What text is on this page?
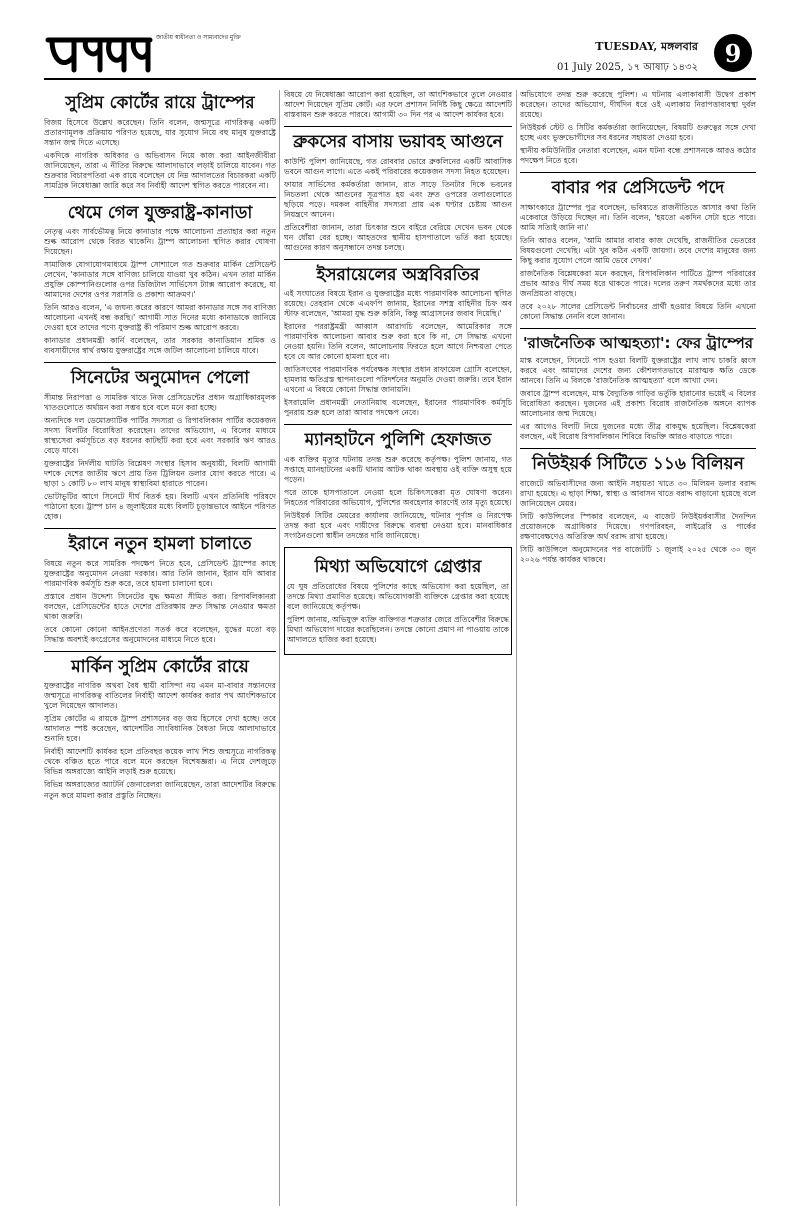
জাতীয় স্বাধীনতা ও সাম্যবাদের মুক্তি
TUESDAY, মঙ্গলবার
01 July 2025, ১৭ আষাঢ় ১৪৩২	9
সুপ্রিম কোর্টের রায়ে ট্রাম্পের

বিজয় হিসেবে উল্লেখ করেছেন। তিনি বলেন, জন্মসূত্রে নাগরিকত্ব একটি প্রতারণামূলক প্রক্রিয়ায় পরিণত হয়েছে, যার সুযোগ নিয়ে বহু মানুষ যুক্তরাষ্ট্রে সন্তান জন্ম দিতে এসেছে।

একদিকে নাগরিক অধিকার ও অভিবাসন নিয়ে কাজ করা আইনজীবীরা জানিয়েছেন, তারা এ নীতির বিরুদ্ধে আলাদাভাবে লড়াই চালিয়ে যাবেন। গত শুক্রবার বিচারপতিরা এক রায়ে বলেছেন যে নিম্ন আদালতের বিচারকরা একটি সামগ্রিক নিষেধাজ্ঞা জারি করে সব নির্বাহী আদেশ স্থগিত করতে পারবেন না।

থেমে গেল যুক্তরাষ্ট্র-কানাডা

নেতৃত্ব এবং সার্বভৌমত্ব নিয়ে কানাডার পক্ষে আলোচনা প্রত্যাহার করা নতুন শুল্ক আরোপ থেকে বিরত থাকেনি। ট্রাম্প আলোচনা স্থগিত করার ঘোষণা দিয়েছেন।

সামাজিক যোগাযোগমাধ্যমে ট্রাম্প সোশ্যালে গত শুক্রবার মার্কিন প্রেসিডেন্ট লেখেন, 'কানাডার সঙ্গে বাণিজ্য চালিয়ে যাওয়া খুব কঠিন। এখন তারা মার্কিন প্রযুক্তি কোম্পানিগুলোর ওপর ডিজিটাল সার্ভিসেস ট্যাক্স আরোপ করেছে, যা আমাদের দেশের ওপর সরাসরি ও প্রকাশ্য আক্রমণ।'

তিনি আরও বলেন, 'এ জঘন্য করের কারণে আমরা কানাডার সঙ্গে সব বাণিজ্য আলোচনা এখনই বন্ধ করছি।' আগামী সাত দিনের মধ্যে কানাডাকে জানিয়ে দেওয়া হবে তাদের পণ্যে যুক্তরাষ্ট্র কী পরিমাণ শুল্ক আরোপ করবে।

কানাডার প্রধানমন্ত্রী কার্নি বলেছেন, তার সরকার কানাডিয়ান শ্রমিক ও ব্যবসায়ীদের স্বার্থ রক্ষায় যুক্তরাষ্ট্রের সঙ্গে জটিল আলোচনা চালিয়ে যাবে।

সিনেটের অনুমোদন পেলো

সীমান্ত নিরাপত্তা ও সামরিক খাতে নিজ প্রেসিডেন্টের প্রধান অগ্রাধিকারমূলক খাতগুলোতে অর্থায়ন করা সম্ভব হবে বলে মনে করা হচ্ছে।

অন্যদিকে দল ডেমোক্র্যাটিক পার্টির সদস্যরা ও রিপাবলিকান পার্টির কয়েকজন সদস্য বিলটির বিরোধিতা করেছেন। তাদের অভিযোগ, এ বিলের মাধ্যমে স্বাস্থ্যসেবা কর্মসূচিতে বড় ধরনের কাটছাঁট করা হবে এবং সরকারি ঋণ আরও বেড়ে যাবে।

যুক্তরাষ্ট্রের নির্দলীয় ঘাটতি বিশ্লেষণ সংস্থার হিসাব অনুযায়ী, বিলটি আগামী দশকে দেশের জাতীয় ঋণে প্রায় তিন ট্রিলিয়ন ডলার যোগ করতে পারে। এ ছাড়া ১ কোটি ৮০ লাখ মানুষ স্বাস্থ্যবিমা হারাতে পারেন।

ভোটাভুটির আগে সিনেটে দীর্ঘ বিতর্ক হয়। বিলটি এখন প্রতিনিধি পরিষদে পাঠানো হবে। ট্রাম্প চান ৪ জুলাইয়ের মধ্যে বিলটি চূড়ান্তভাবে আইনে পরিণত হোক।

ইরানে নতুন হামলা চালাতে

বিষয়ে নতুন করে সামরিক পদক্ষেপ নিতে হবে, প্রেসিডেন্ট ট্রাম্পের কাছে যুক্তরাষ্ট্রের অনুমোদন নেওয়া দরকার। আর তিনি জানান, ইরান যদি আবার পারমাণবিক কর্মসূচি শুরু করে, তবে হামলা চালানো হবে।

প্রস্তাবে প্রধান উদ্দেশ্য সিনেটের যুদ্ধ ক্ষমতা সীমিত করা। রিপাবলিকানরা বলছেন, প্রেসিডেন্টের হাতে দেশের প্রতিরক্ষায় দ্রুত সিদ্ধান্ত নেওয়ার ক্ষমতা থাকা জরুরি।

তবে কোনো কোনো আইনপ্রণেতা সতর্ক করে বলেছেন, যুদ্ধের মতো বড় সিদ্ধান্ত অবশ্যই কংগ্রেসের অনুমোদনের মাধ্যমে নিতে হবে।

মার্কিন সুপ্রিম কোর্টের রায়ে

যুক্তরাষ্ট্রের নাগরিক অথবা বৈধ স্থায়ী বাসিন্দা নয় এমন মা-বাবার সন্তানদের জন্মসূত্রে নাগরিকত্ব বাতিলের নির্বাহী আদেশ কার্যকর করার পথ আংশিকভাবে খুলে দিয়েছেন আদালত।

সুপ্রিম কোর্টের এ রায়কে ট্রাম্প প্রশাসনের বড় জয় হিসেবে দেখা হচ্ছে। তবে আদালত স্পষ্ট করেছেন, আদেশটির সাংবিধানিক বৈধতা নিয়ে আলাদাভাবে শুনানি হবে।

নির্বাহী আদেশটি কার্যকর হলে প্রতিবছর কয়েক লাখ শিশু জন্মসূত্রে নাগরিকত্ব থেকে বঞ্চিত হতে পারে বলে মনে করছেন বিশেষজ্ঞরা। এ নিয়ে দেশজুড়ে বিভিন্ন অঙ্গরাজ্যে আইনি লড়াই শুরু হয়েছে।

বিভিন্ন অঙ্গরাজ্যের অ্যাটর্নি জেনারেলরা জানিয়েছেন, তারা আদেশটির বিরুদ্ধে নতুন করে মামলা করার প্রস্তুতি নিচ্ছেন।

বিষয়ে যে নিষেধাজ্ঞা আরোপ করা হয়েছিল, তা আংশিকভাবে তুলে নেওয়ার আদেশ দিয়েছেন সুপ্রিম কোর্ট। এর ফলে প্রশাসন নির্দিষ্ট কিছু ক্ষেত্রে আদেশটি বাস্তবায়ন শুরু করতে পারবে। আগামী ৩০ দিন পর এ আদেশ কার্যকর হবে।

ব্রুকসের বাসায় ভয়াবহ আগুনে

কাউন্টি পুলিশ জানিয়েছে, গত রোববার ভোরে ব্রুকলিনের একটি আবাসিক ভবনে আগুন লাগে। এতে একই পরিবারের কয়েকজন সদস্য নিহত হয়েছেন।

ফায়ার সার্ভিসের কর্মকর্তারা জানান, রাত সাড়ে তিনটার দিকে ভবনের নিচতলা থেকে আগুনের সূত্রপাত হয় এবং দ্রুত ওপরের তলাগুলোতে ছড়িয়ে পড়ে। দমকল বাহিনীর সদস্যরা প্রায় এক ঘণ্টার চেষ্টায় আগুন নিয়ন্ত্রণে আনেন।

প্রতিবেশীরা জানান, তারা চিৎকার শুনে বাইরে বেরিয়ে দেখেন ভবন থেকে ঘন ধোঁয়া বের হচ্ছে। আহতদের স্থানীয় হাসপাতালে ভর্তি করা হয়েছে। আগুনের কারণ অনুসন্ধানে তদন্ত চলছে।

ইসরায়েলের অস্ত্রবিরতির

এই সংঘাতের বিষয়ে ইরান ও যুক্তরাষ্ট্রের মধ্যে পারমাণবিক আলোচনা স্থগিত রয়েছে। তেহরান থেকে এএফপি জানায়, ইরানের সশস্ত্র বাহিনীর চিফ অব স্টাফ বলেছেন, 'আমরা যুদ্ধ শুরু করিনি, কিন্তু আগ্রাসনের জবাব দিয়েছি।'

ইরানের পররাষ্ট্রমন্ত্রী আব্বাস আরাগচি বলেছেন, আমেরিকার সঙ্গে পারমাণবিক আলোচনা আবার শুরু করা হবে কি না, সে সিদ্ধান্ত এখনো নেওয়া হয়নি। তিনি বলেন, আলোচনায় ফিরতে হলে আগে নিশ্চয়তা পেতে হবে যে আর কোনো হামলা হবে না।

জাতিসংঘের পারমাণবিক পর্যবেক্ষক সংস্থার প্রধান রাফায়েল গ্রোসি বলেছেন, হামলায় ক্ষতিগ্রস্ত স্থাপনাগুলো পরিদর্শনের অনুমতি দেওয়া জরুরি। তবে ইরান এখনো এ বিষয়ে কোনো সিদ্ধান্ত জানায়নি।

ইসরায়েলি প্রধানমন্ত্রী নেতানিয়াহু বলেছেন, ইরানের পারমাণবিক কর্মসূচি পুনরায় শুরু হলে তারা আবার পদক্ষেপ নেবে।

ম্যানহাটনে পুলিশি হেফাজত

এক ব্যক্তির মৃত্যুর ঘটনায় তদন্ত শুরু করেছে কর্তৃপক্ষ। পুলিশ জানায়, গত সপ্তাহে ম্যানহাটনের একটি থানায় আটক থাকা অবস্থায় ওই ব্যক্তি অসুস্থ হয়ে পড়েন।

পরে তাকে হাসপাতালে নেওয়া হলে চিকিৎসকেরা মৃত ঘোষণা করেন। নিহতের পরিবারের অভিযোগ, পুলিশের অবহেলার কারণেই তার মৃত্যু হয়েছে।

নিউইয়র্ক সিটির মেয়রের কার্যালয় জানিয়েছে, ঘটনার পূর্ণাঙ্গ ও নিরপেক্ষ তদন্ত করা হবে এবং দায়ীদের বিরুদ্ধে ব্যবস্থা নেওয়া হবে। মানবাধিকার সংগঠনগুলো স্বাধীন তদন্তের দাবি জানিয়েছে।

মিথ্যা অভিযোগে গ্রেপ্তার

যে ঘুষ প্রতিরোধের বিষয়ে পুলিশের কাছে অভিযোগ করা হয়েছিল, তা তদন্তে মিথ্যা প্রমাণিত হয়েছে। অভিযোগকারী ব্যক্তিকে গ্রেপ্তার করা হয়েছে বলে জানিয়েছে কর্তৃপক্ষ।

পুলিশ জানায়, অভিযুক্ত ব্যক্তি ব্যক্তিগত শত্রুতার জেরে প্রতিবেশীর বিরুদ্ধে মিথ্যা অভিযোগ দায়ের করেছিলেন। তদন্তে কোনো প্রমাণ না পাওয়ায় তাকে আদালতে হাজির করা হয়েছে।

অভিযোগে তদন্ত শুরু করেছে পুলিশ। এ ঘটনায় এলাকাবাসী উদ্বেগ প্রকাশ করেছেন। তাদের অভিযোগ, দীর্ঘদিন ধরে ওই এলাকায় নিরাপত্তাব্যবস্থা দুর্বল রয়েছে।

নিউইয়র্ক স্টেট ও সিটির কর্মকর্তারা জানিয়েছেন, বিষয়টি গুরুত্বের সঙ্গে দেখা হচ্ছে এবং ভুক্তভোগীদের সব ধরনের সহায়তা দেওয়া হবে।

স্থানীয় কমিউনিটির নেতারা বলেছেন, এমন ঘটনা বন্ধে প্রশাসনকে আরও কঠোর পদক্ষেপ নিতে হবে।

বাবার পর প্রেসিডেন্ট পদে

সাক্ষাৎকারে ট্রাম্পের পুত্র বলেছেন, ভবিষ্যতে রাজনীতিতে আসার কথা তিনি একেবারে উড়িয়ে দিচ্ছেন না। তিনি বলেন, 'হয়তো একদিন সেটা হতে পারে। আমি সত্যিই জানি না।'

তিনি আরও বলেন, 'আমি আমার বাবার কাজ দেখেছি, রাজনীতির ভেতরের বিষয়গুলো দেখেছি। এটা খুব কঠিন একটি জায়গা। তবে দেশের মানুষের জন্য কিছু করার সুযোগ পেলে আমি ভেবে দেখব।'

রাজনৈতিক বিশ্লেষকেরা মনে করছেন, রিপাবলিকান পার্টিতে ট্রাম্প পরিবারের প্রভাব আরও দীর্ঘ সময় ধরে থাকতে পারে। দলের তরুণ সমর্থকদের মধ্যে তার জনপ্রিয়তা বাড়ছে।

তবে ২০২৮ সালের প্রেসিডেন্ট নির্বাচনের প্রার্থী হওয়ার বিষয়ে তিনি এখনো কোনো সিদ্ধান্ত নেননি বলে জানান।

'রাজনৈতিক আত্মহত্যা': ফের ট্রাম্পের

মাস্ক বলেছেন, সিনেটে পাস হওয়া বিলটি যুক্তরাষ্ট্রের লাখ লাখ চাকরি ধ্বংস করবে এবং আমাদের দেশের জন্য কৌশলগতভাবে মারাত্মক ক্ষতি ডেকে আনবে। তিনি এ বিলকে 'রাজনৈতিক আত্মহত্যা' বলে আখ্যা দেন।

জবাবে ট্রাম্প বলেছেন, মাস্ক বৈদ্যুতিক গাড়ির ভর্তুকি হারানোর ভয়েই এ বিলের বিরোধিতা করছেন। দুজনের এই প্রকাশ্য বিরোধ রাজনৈতিক অঙ্গনে ব্যাপক আলোচনার জন্ম দিয়েছে।

এর আগেও বিলটি নিয়ে দুজনের মধ্যে তীব্র বাকযুদ্ধ হয়েছিল। বিশ্লেষকেরা বলছেন, এই বিরোধ রিপাবলিকান শিবিরে বিভক্তি আরও বাড়াতে পারে।

নিউইয়র্ক সিটিতে ১১৬ বিলিয়ন

বাজেটে অভিবাসীদের জন্য আইনি সহায়তা খাতে ৩০ মিলিয়ন ডলার বরাদ্দ রাখা হয়েছে। এ ছাড়া শিক্ষা, স্বাস্থ্য ও আবাসন খাতে বরাদ্দ বাড়ানো হয়েছে বলে জানিয়েছেন মেয়র।

সিটি কাউন্সিলের স্পিকার বলেছেন, এ বাজেট নিউইয়র্কবাসীর দৈনন্দিন প্রয়োজনকে অগ্রাধিকার দিয়েছে। গণপরিবহন, লাইব্রেরি ও পার্কের রক্ষণাবেক্ষণেও অতিরিক্ত অর্থ বরাদ্দ রাখা হয়েছে।

সিটি কাউন্সিলে অনুমোদনের পর বাজেটটি ১ জুলাই ২০২৫ থেকে ৩০ জুন ২০২৬ পর্যন্ত কার্যকর থাকবে।
